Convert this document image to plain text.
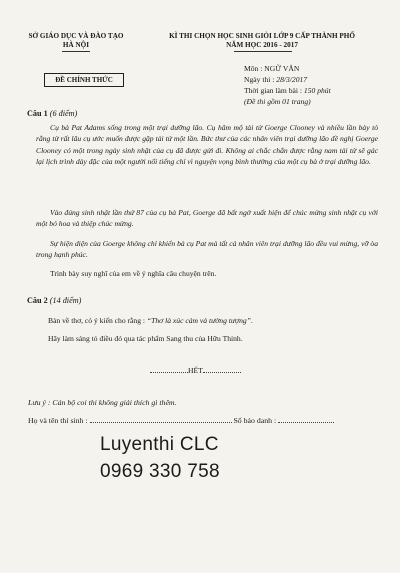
SỞ GIÁO DỤC VÀ ĐÀO TẠO
HÀ NỘI
KÌ THI CHỌN HỌC SINH GIỎI LỚP 9 CẤP THÀNH PHỐ
NĂM HỌC 2016 - 2017
ĐỀ CHÍNH THỨC
Môn : NGỮ VĂN
Ngày thi : 28/3/2017
Thời gian làm bài : 150 phút
(Đề thi gồm 01 trang)
Câu 1 (6 điểm)
Cụ bà Pat Adams sống trong một trại dưỡng lão. Cụ hâm mộ tài tử Goerge Clooney và nhiều lần bày tỏ rằng từ rất lâu cụ ước muốn được gặp tài tử một lần. Bức thư của các nhân viên trại dưỡng lão đề nghị Goerge Clooney có một trong ngày sinh nhật của cụ đã được gửi đi. Không ai chắc chắn được rằng nam tài tử sẽ gác lại lịch trình dày đặc của một người nổi tiếng chỉ vì nguyện vọng bình thường của một cụ bà ở trại dưỡng lão.
Vào đúng sinh nhật lần thứ 87 của cụ bà Pat, Goerge đã bất ngờ xuất hiện để chúc mừng sinh nhật cụ với một bó hoa và thiệp chúc mừng.
Sự hiện diện của Goerge không chỉ khiến bà cụ Pat mà tất cả nhân viên trại dưỡng lão đều vui mừng, vỡ òa trong hạnh phúc.
Trình bày suy nghĩ của em về ý nghĩa câu chuyện trên.
Câu 2 (14 điểm)
Bàn về thơ, có ý kiến cho rằng : “Thơ là xúc cảm và tưởng tượng”.
Hãy làm sáng tỏ điều đó qua tác phẩm Sang thu của Hữu Thỉnh.
HẾT
Lưu ý : Cán bộ coi thi không giải thích gì thêm.
Họ và tên thí sinh :	Số báo danh :
Luyenthi CLC
0969 330 758
